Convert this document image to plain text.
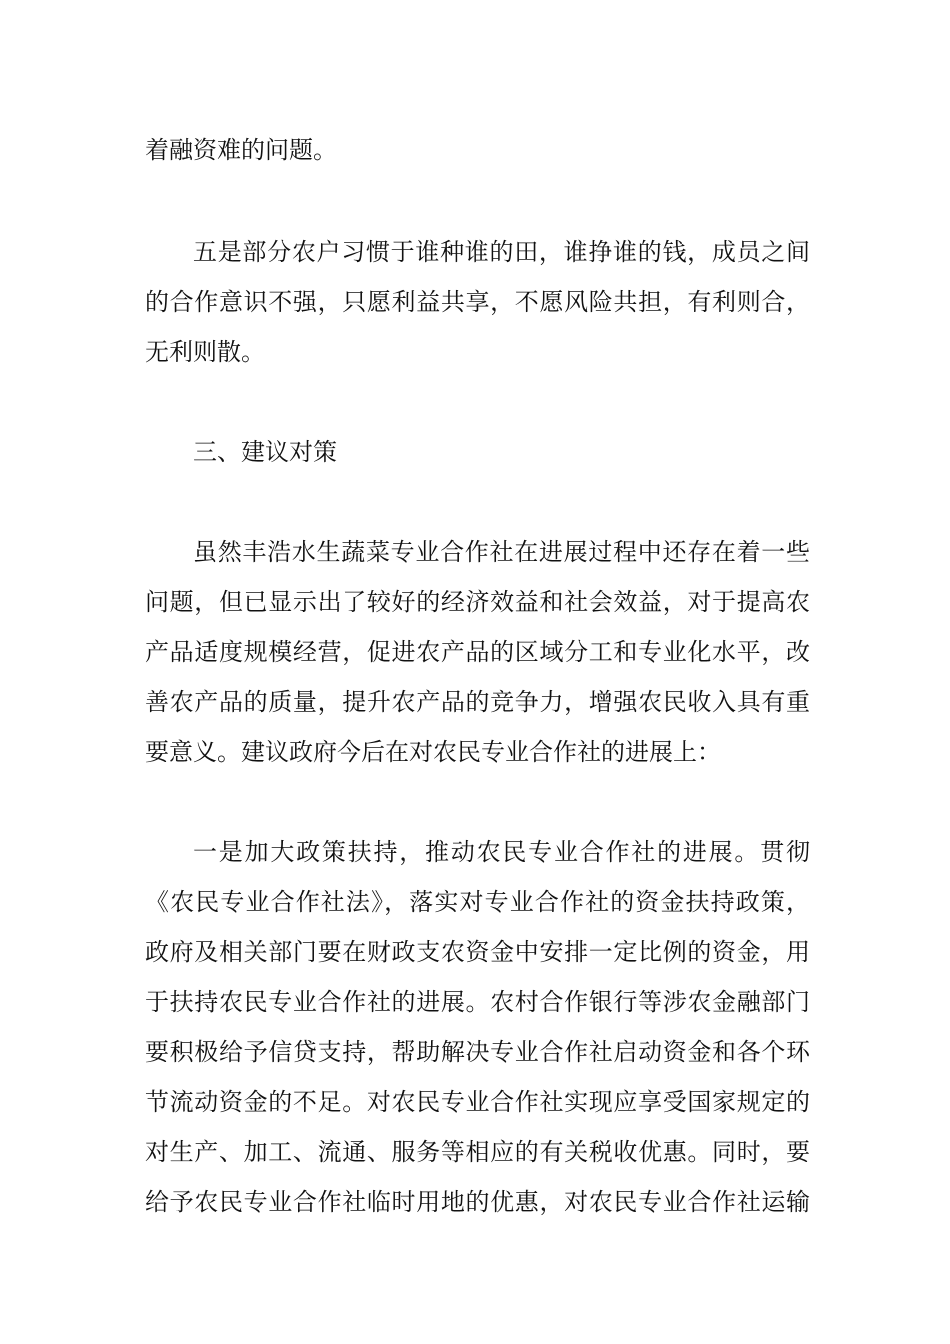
着融资难的问题。
五是部分农户习惯于谁种谁的田，谁挣谁的钱，成员之间
的合作意识不强，只愿利益共享，不愿风险共担，有利则合，
无利则散。
三、建议对策
虽然丰浩水生蔬菜专业合作社在进展过程中还存在着一些
问题，但已显示出了较好的经济效益和社会效益，对于提高农
产品适度规模经营，促进农产品的区域分工和专业化水平，改
善农产品的质量，提升农产品的竞争力，增强农民收入具有重
要意义。建议政府今后在对农民专业合作社的进展上：
一是加大政策扶持，推动农民专业合作社的进展。贯彻
《农民专业合作社法》，落实对专业合作社的资金扶持政策，
政府及相关部门要在财政支农资金中安排一定比例的资金，用
于扶持农民专业合作社的进展。农村合作银行等涉农金融部门
要积极给予信贷支持，帮助解决专业合作社启动资金和各个环
节流动资金的不足。对农民专业合作社实现应享受国家规定的
对生产、加工、流通、服务等相应的有关税收优惠。同时，要
给予农民专业合作社临时用地的优惠，对农民专业合作社运输
